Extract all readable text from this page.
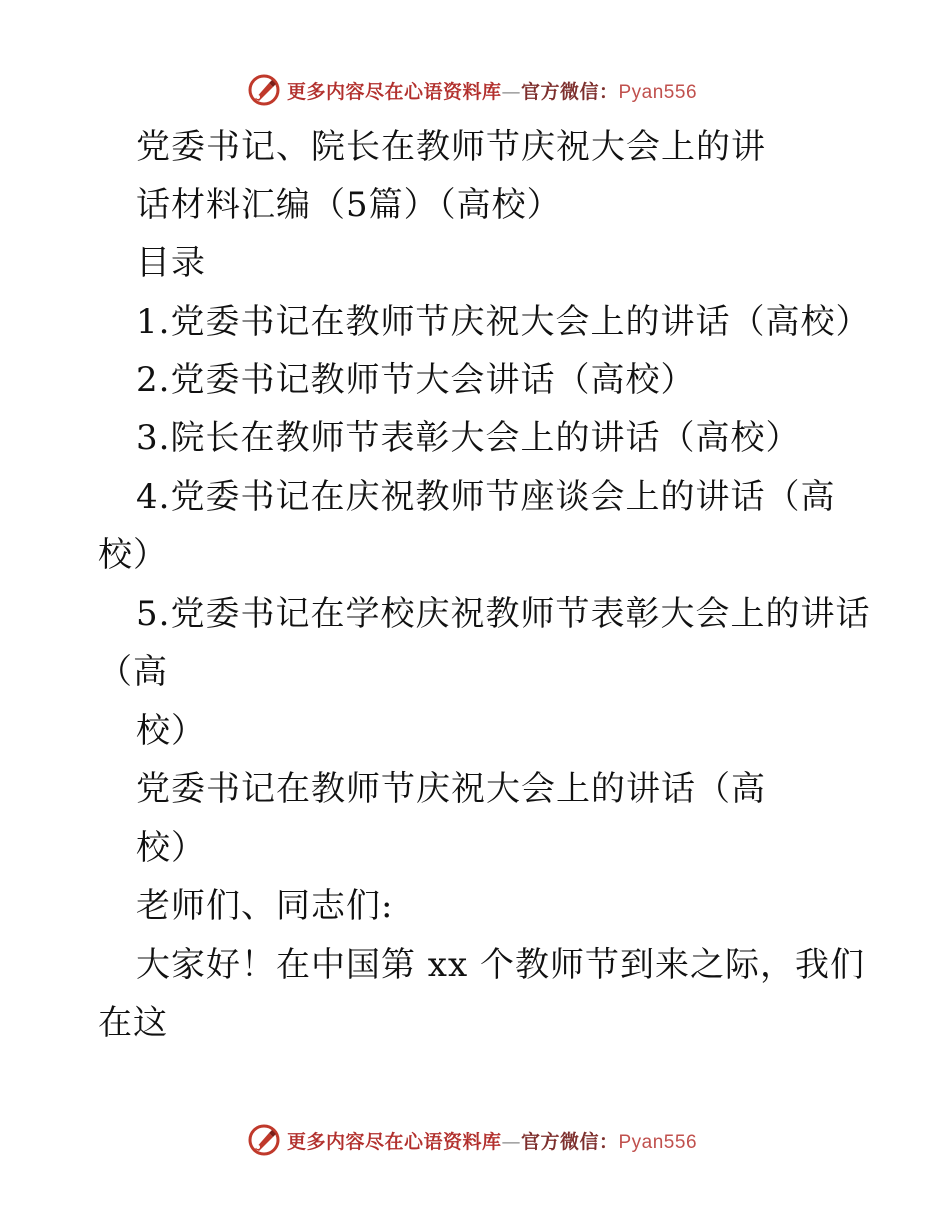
更多内容尽在心语资料库—官方微信：Pyan556
党委书记、院长在教师节庆祝大会上的讲
话材料汇编（5篇）（高校）
目录
1.党委书记在教师节庆祝大会上的讲话（高校）
2.党委书记教师节大会讲话（高校）
3.院长在教师节表彰大会上的讲话（高校）
4.党委书记在庆祝教师节座谈会上的讲话（高
校）
5.党委书记在学校庆祝教师节表彰大会上的讲话
（高
校）
党委书记在教师节庆祝大会上的讲话（高
校）
老师们、同志们:
大家好！在中国第 xx 个教师节到来之际，我们
在这
更多内容尽在心语资料库—官方微信：Pyan556
